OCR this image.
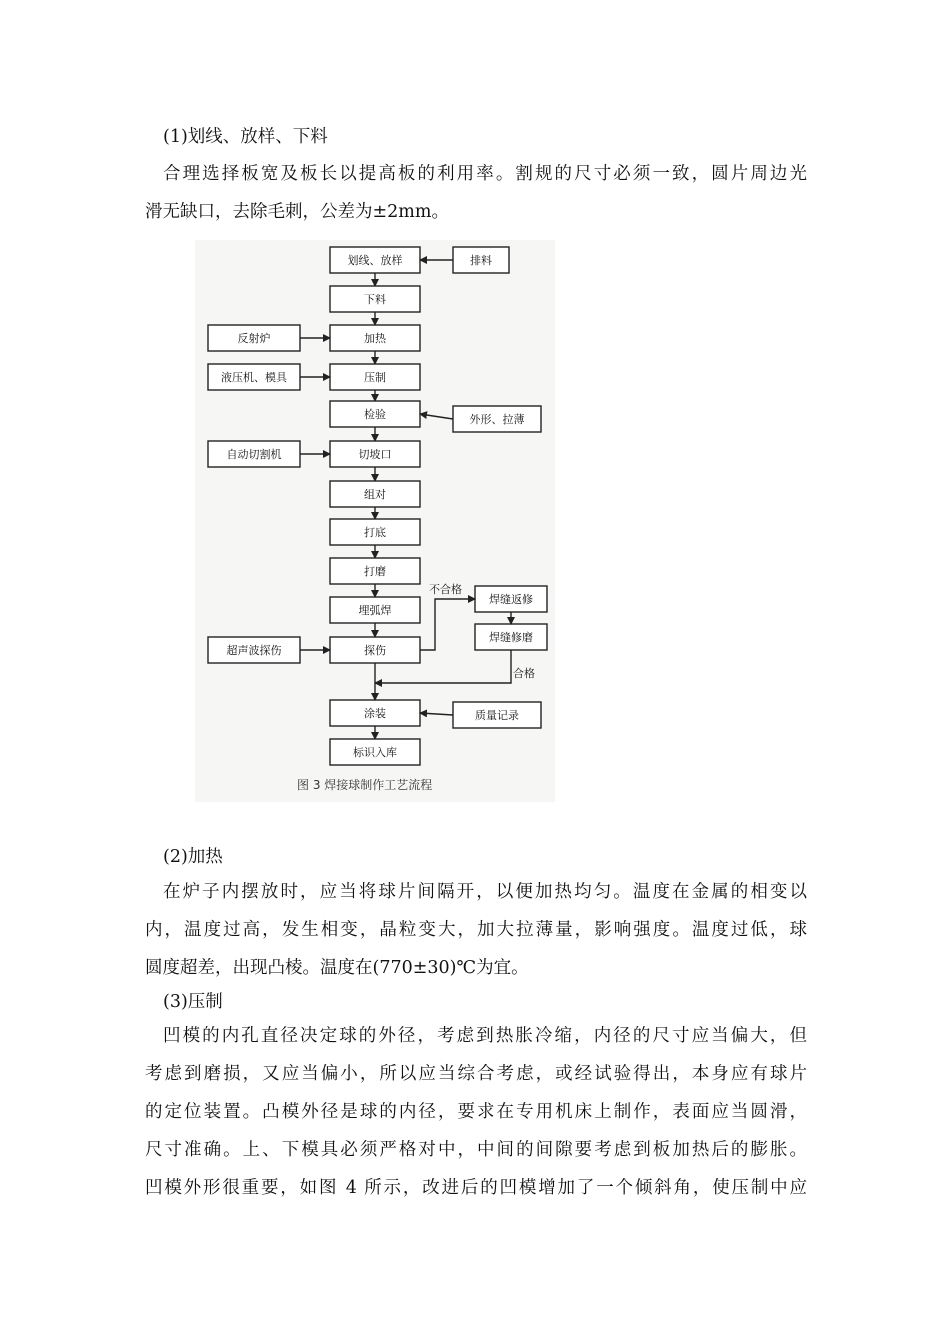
(1)划线、放样、下料

合理选择板宽及板长以提高板的利用率。割规的尺寸必须一致，圆片周边光
滑无缺口，去除毛刺，公差为±2mm。
划线、放样
下料
加热
压制
检验
切坡口
组对
打底
打磨
埋弧焊
探伤
涂装
标识入库
反射炉
液压机、模具
自动切割机
超声波探伤
排料
外形、拉薄
质量记录
焊缝返修
焊缝修磨
不合格
合格
图 3 焊接球制作工艺流程

(2)加热

在炉子内摆放时，应当将球片间隔开，以便加热均匀。温度在金属的相变以
内，温度过高，发生相变，晶粒变大，加大拉薄量，影响强度。温度过低，球
圆度超差，出现凸棱。温度在(770±30)℃为宜。

(3)压制

凹模的内孔直径决定球的外径，考虑到热胀冷缩，内径的尺寸应当偏大，但
考虑到磨损，又应当偏小，所以应当综合考虑，或经试验得出，本身应有球片
的定位装置。凸模外径是球的内径，要求在专用机床上制作，表面应当圆滑，
尺寸准确。上、下模具必须严格对中，中间的间隙要考虑到板加热后的膨胀。
凹模外形很重要，如图 4 所示，改进后的凹模增加了一个倾斜角，使压制中应
